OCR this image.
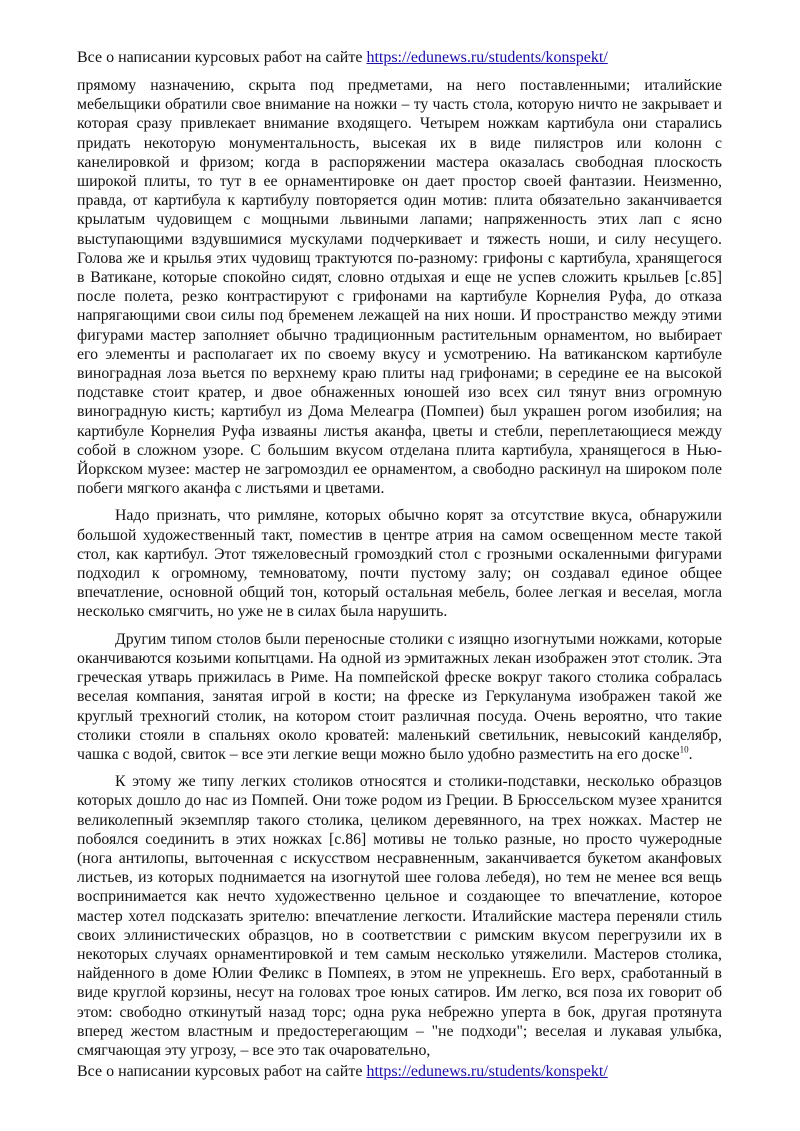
Все о написании курсовых работ на сайте https://edunews.ru/students/konspekt/

прямому назначению, скрыта под предметами, на него поставленными; италийские мебельщики обратили свое внимание на ножки – ту часть стола, которую ничто не закрывает и которая сразу привлекает внимание входящего. Четырем ножкам картибула они старались придать некоторую монументальность, высекая их в виде пилястров или колонн с канелировкой и фризом; когда в распоряжении мастера оказалась свободная плоскость широкой плиты, то тут в ее орнаментировке он дает простор своей фантазии. Неизменно, правда, от картибула к картибулу повторяется один мотив: плита обязательно заканчивается крылатым чудовищем с мощными львиными лапами; напряженность этих лап с ясно выступающими вздувшимися мускулами подчеркивает и тяжесть ноши, и силу несущего. Голова же и крылья этих чудовищ трактуются по-разному: грифоны с картибула, хранящегося в Ватикане, которые спокойно сидят, словно отдыхая и еще не успев сложить крыльев [с.85] после полета, резко контрастируют с грифонами на картибуле Корнелия Руфа, до отказа напрягающими свои силы под бременем лежащей на них ноши. И пространство между этими фигурами мастер заполняет обычно традиционным растительным орнаментом, но выбирает его элементы и располагает их по своему вкусу и усмотрению. На ватиканском картибуле виноградная лоза вьется по верхнему краю плиты над грифонами; в середине ее на высокой подставке стоит кратер, и двое обнаженных юношей изо всех сил тянут вниз огромную виноградную кисть; картибул из Дома Мелеагра (Помпеи) был украшен рогом изобилия; на картибуле Корнелия Руфа изваяны листья аканфа, цветы и стебли, переплетающиеся между собой в сложном узоре. С большим вкусом отделана плита картибула, хранящегося в Нью-Йоркском музее: мастер не загромоздил ее орнаментом, а свободно раскинул на широком поле побеги мягкого аканфа с листьями и цветами.

Надо признать, что римляне, которых обычно корят за отсутствие вкуса, обнаружили большой художественный такт, поместив в центре атрия на самом освещенном месте такой стол, как картибул. Этот тяжеловесный громоздкий стол с грозными оскаленными фигурами подходил к огромному, темноватому, почти пустому залу; он создавал единое общее впечатление, основной общий тон, который остальная мебель, более легкая и веселая, могла несколько смягчить, но уже не в силах была нарушить.

Другим типом столов были переносные столики с изящно изогнутыми ножками, которые оканчиваются козьими копытцами. На одной из эрмитажных лекан изображен этот столик. Эта греческая утварь прижилась в Риме. На помпейской фреске вокруг такого столика собралась веселая компания, занятая игрой в кости; на фреске из Геркуланума изображен такой же круглый трехногий столик, на котором стоит различная посуда. Очень вероятно, что такие столики стояли в спальнях около кроватей: маленький светильник, невысокий канделябр, чашка с водой, свиток – все эти легкие вещи можно было удобно разместить на его доске$^{10}$.

К этому же типу легких столиков относятся и столики-подставки, несколько образцов которых дошло до нас из Помпей. Они тоже родом из Греции. В Брюссельском музее хранится великолепный экземпляр такого столика, целиком деревянного, на трех ножках. Мастер не побоялся соединить в этих ножках [с.86] мотивы не только разные, но просто чужеродные (нога антилопы, выточенная с искусством несравненным, заканчивается букетом аканфовых листьев, из которых поднимается на изогнутой шее голова лебедя), но тем не менее вся вещь воспринимается как нечто художественно цельное и создающее то впечатление, которое мастер хотел подсказать зрителю: впечатление легкости. Италийские мастера переняли стиль своих эллинистических образцов, но в соответствии с римским вкусом перегрузили их в некоторых случаях орнаментировкой и тем самым несколько утяжелили. Мастеров столика, найденного в доме Юлии Феликс в Помпеях, в этом не упрекнешь. Его верх, сработанный в виде круглой корзины, несут на головах трое юных сатиров. Им легко, вся поза их говорит об этом: свободно откинутый назад торс; одна рука небрежно уперта в бок, другая протянута вперед жестом властным и предостерегающим – "не подходи"; веселая и лукавая улыбка, смягчающая эту угрозу, – все это так очаровательно,

Все о написании курсовых работ на сайте https://edunews.ru/students/konspekt/
